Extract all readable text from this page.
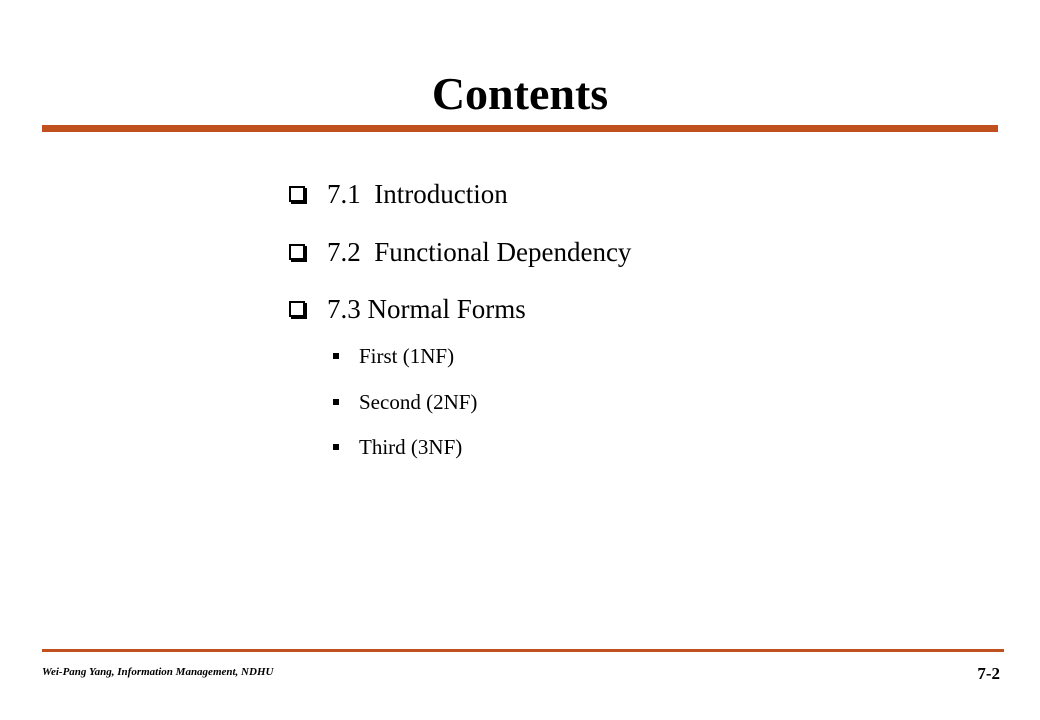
Contents
7.1  Introduction
7.2  Functional Dependency
7.3 Normal Forms
First (1NF)
Second (2NF)
Third (3NF)
Wei-Pang Yang, Information Management, NDHU	7-2
